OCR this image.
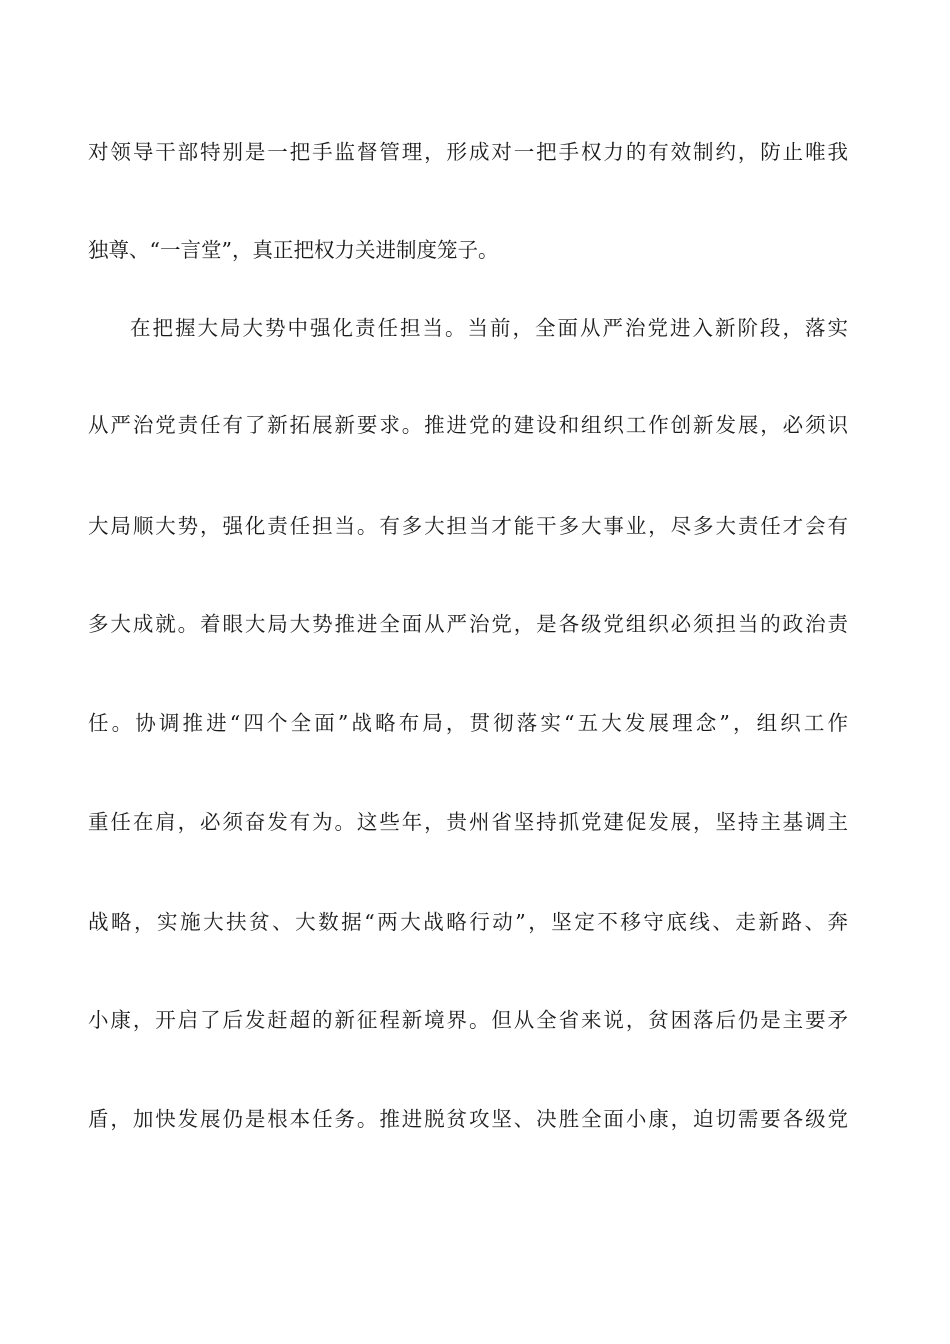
对领导干部特别是一把手监督管理，形成对一把手权力的有效制约，防止唯我
独尊、“一言堂”，真正把权力关进制度笼子。
在把握大局大势中强化责任担当。当前，全面从严治党进入新阶段，落实
从严治党责任有了新拓展新要求。推进党的建设和组织工作创新发展，必须识
大局顺大势，强化责任担当。有多大担当才能干多大事业，尽多大责任才会有
多大成就。着眼大局大势推进全面从严治党，是各级党组织必须担当的政治责
任。协调推进“四个全面”战略布局，贯彻落实“五大发展理念”，组织工作
重任在肩，必须奋发有为。这些年，贵州省坚持抓党建促发展，坚持主基调主
战略，实施大扶贫、大数据“两大战略行动”，坚定不移守底线、走新路、奔
小康，开启了后发赶超的新征程新境界。但从全省来说，贫困落后仍是主要矛
盾，加快发展仍是根本任务。推进脱贫攻坚、决胜全面小康，迫切需要各级党
